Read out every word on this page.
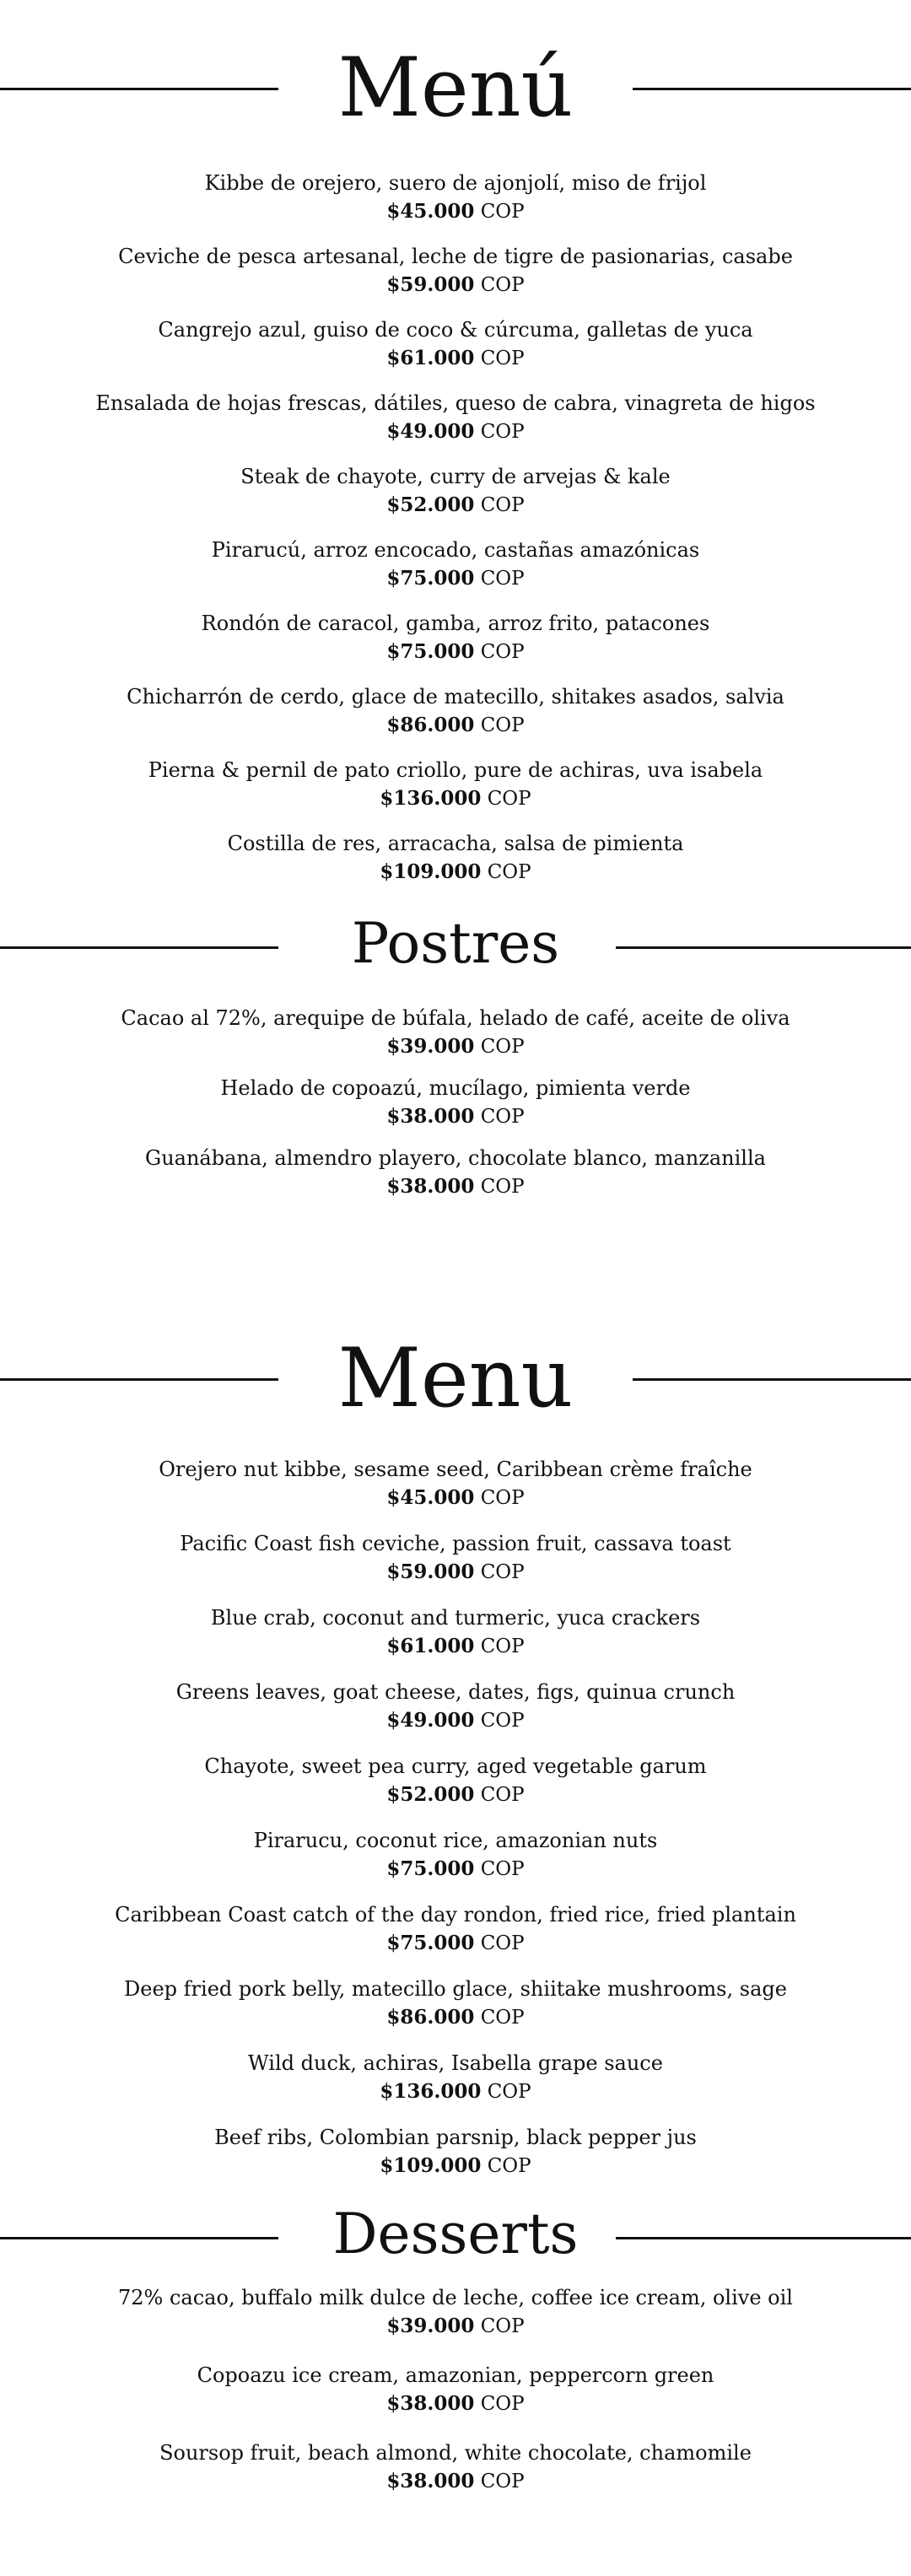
Menú
Kibbe de orejero, suero de ajonjolí, miso de frijol
$45.000 COP
Ceviche de pesca artesanal, leche de tigre de pasionarias, casabe
$59.000 COP
Cangrejo azul, guiso de coco & cúrcuma, galletas de yuca
$61.000 COP
Ensalada de hojas frescas, dátiles, queso de cabra, vinagreta de higos
$49.000 COP
Steak de chayote, curry de arvejas & kale
$52.000 COP
Pirarucú, arroz encocado, castañas amazónicas
$75.000 COP
Rondón de caracol, gamba, arroz frito, patacones
$75.000 COP
Chicharrón de cerdo, glace de matecillo, shitakes asados, salvia
$86.000 COP
Pierna & pernil de pato criollo, pure de achiras, uva isabela
$136.000 COP
Costilla de res, arracacha, salsa de pimienta
$109.000 COP
Postres
Cacao al 72%, arequipe de búfala, helado de café, aceite de oliva
$39.000 COP
Helado de copoazú, mucílago, pimienta verde
$38.000 COP
Guanábana, almendro playero, chocolate blanco, manzanilla
$38.000 COP
Menu
Orejero nut kibbe, sesame seed, Caribbean crème fraîche
$45.000 COP
Pacific Coast fish ceviche, passion fruit, cassava toast
$59.000 COP
Blue crab, coconut and turmeric, yuca crackers
$61.000 COP
Greens leaves, goat cheese, dates, figs, quinua crunch
$49.000 COP
Chayote, sweet pea curry, aged vegetable garum
$52.000 COP
Pirarucu, coconut rice, amazonian nuts
$75.000 COP
Caribbean Coast catch of the day rondon, fried rice, fried plantain
$75.000 COP
Deep fried pork belly, matecillo glace, shiitake mushrooms, sage
$86.000 COP
Wild duck, achiras, Isabella grape sauce
$136.000 COP
Beef ribs, Colombian parsnip, black pepper jus
$109.000 COP
Desserts
72% cacao, buffalo milk dulce de leche, coffee ice cream, olive oil
$39.000 COP
Copoazu ice cream, amazonian, peppercorn green
$38.000 COP
Soursop fruit, beach almond, white chocolate, chamomile
$38.000 COP
